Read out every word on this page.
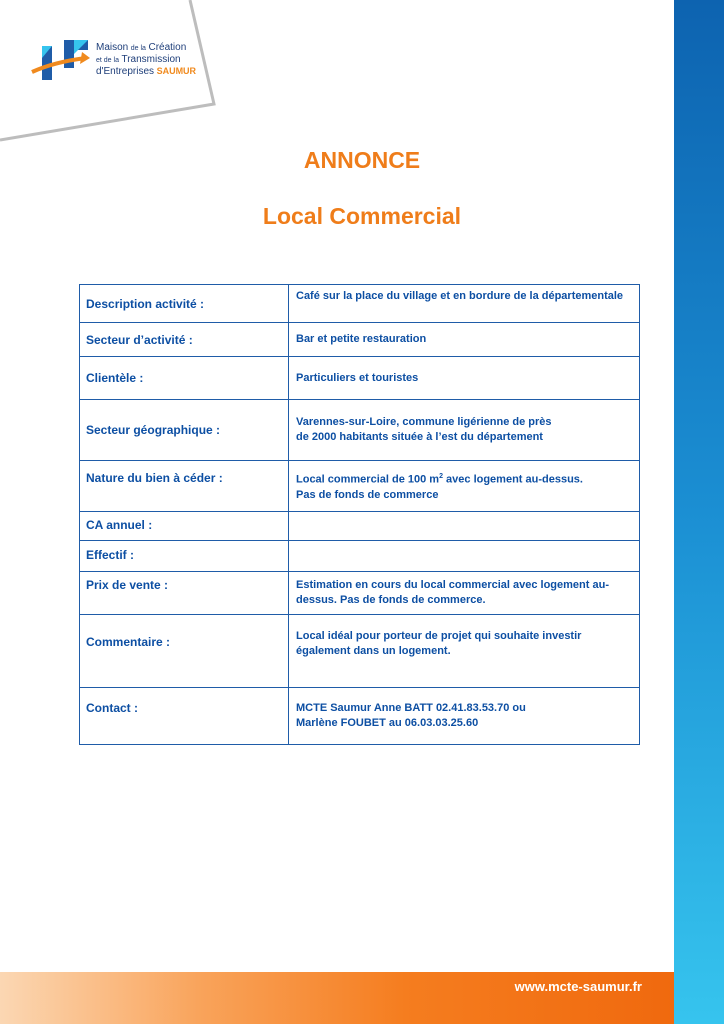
Maison de la Création
et de la Transmission
d'Entreprises SAUMUR
ANNONCE
Local Commercial
Description activité :	Café sur la place du village et en bordure de la départementale
Secteur d’activité :	Bar et petite restauration
Clientèle :	Particuliers et touristes
Secteur géographique :	Varennes-sur-Loire, commune ligérienne de près
de 2000 habitants située à l’est du département

Nature du bien à céder :	Local commercial de 100 $m^2$ avec logement au-dessus.
Pas de fonds de commerce

CA annuel :	
Effectif :	
Prix de vente :	Estimation en cours du local commercial avec logement au-dessus. Pas de fonds de commerce.
Commentaire :	Local idéal pour porteur de projet qui souhaite investir également dans un logement.
Contact :	MCTE Saumur Anne BATT 02.41.83.53.70 ou
Marlène FOUBET au 06.03.03.25.60
www.mcte-saumur.fr
